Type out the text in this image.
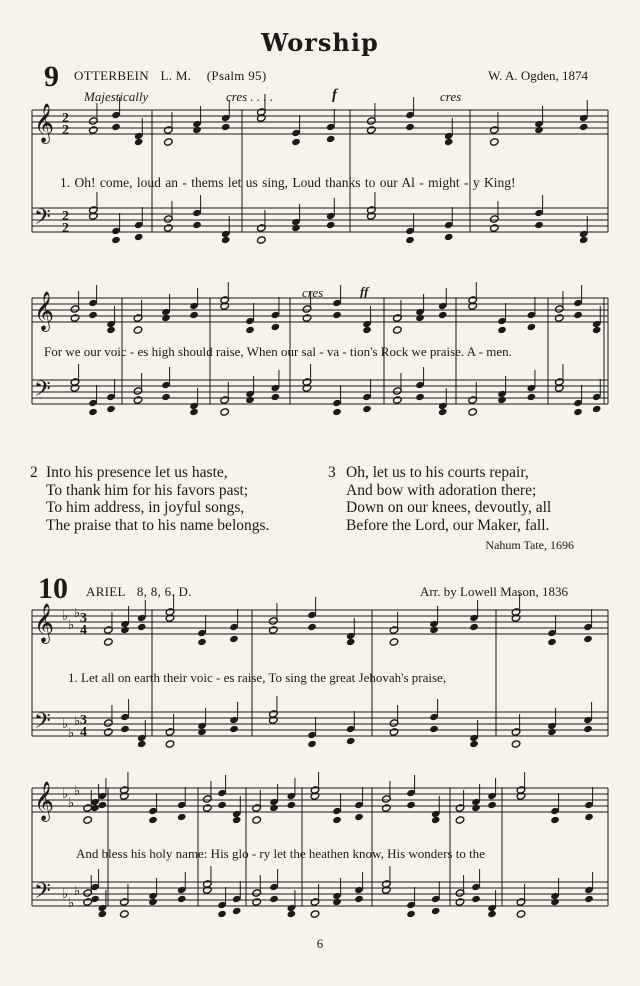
Worship
9 OTTERBEIN L. M. (Psalm 95)	W. A. Ogden, 1874
Majestically	cres . . . .	f	cres
1. Oh! come, loud an - thems let us sing, Loud thanks to our Al - might - y King!
cres	ff
For we our voic - es high should raise, When our sal - va - tion's Rock we praise. A - men.
2 Into his presence let us haste,
To thank him for his favors past;
To him address, in joyful songs,
The praise that to his name belongs.
3 Oh, let us to his courts repair,
And bow with adoration there;
Down on our knees, devoutly, all
Before the Lord, our Maker, fall.
Nahum Tate, 1696
10 ARIEL 8, 8, 6. D.	Arr. by Lowell Mason, 1836
1. Let all on earth their voic - es raise, To sing the great Jehovah's praise,
And bless his holy name: His glo - ry let the heathen know, His wonders to the
6
𝄞
𝄢
2
2
2
2
𝄞
𝄢
𝄞
𝄢
♭
♭
♭
♭
♭
♭
3
4
3
4
𝄞
𝄢
♭
♭
♭
♭
♭
♭
